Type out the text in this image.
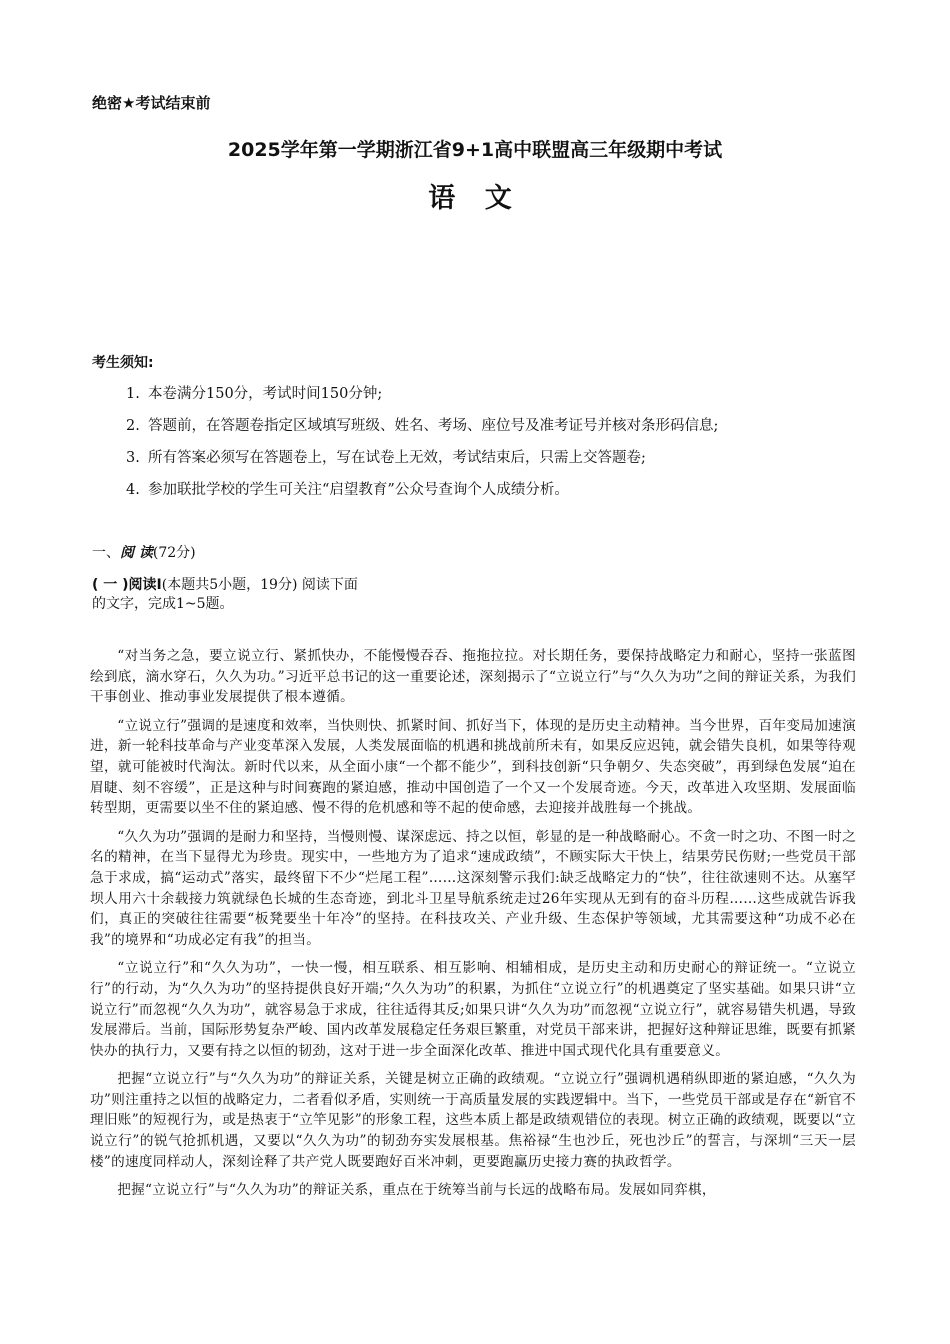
绝密★考试结束前
2025学年第一学期浙江省9+1高中联盟高三年级期中考试
语 文
考生须知:
1. 本卷满分150分，考试时间150分钟;
2. 答题前，在答题卷指定区域填写班级、姓名、考场、座位号及准考证号并核对条形码信息;
3. 所有答案必须写在答题卷上，写在试卷上无效，考试结束后，只需上交答题卷;
4. 参加联批学校的学生可关注“启望教育”公众号查询个人成绩分析。
一、阅 读(72分)
( 一 )阅读Ⅰ(本题共5小题，19分) 阅读下面的文字，完成1~5题。

“对当务之急，要立说立行、紧抓快办，不能慢慢吞吞、拖拖拉拉。对长期任务，要保持战略定力和耐心，坚持一张蓝图绘到底，滴水穿石，久久为功。”习近平总书记的这一重要论述，深刻揭示了“立说立行”与“久久为功”之间的辩证关系，为我们干事创业、推动事业发展提供了根本遵循。

“立说立行”强调的是速度和效率，当快则快、抓紧时间、抓好当下，体现的是历史主动精神。当今世界，百年变局加速演进，新一轮科技革命与产业变革深入发展，人类发展面临的机遇和挑战前所未有，如果反应迟钝，就会错失良机，如果等待观望，就可能被时代淘汰。新时代以来，从全面小康“一个都不能少”，到科技创新“只争朝夕、失态突破”，再到绿色发展“迫在眉睫、刻不容缓”，正是这种与时间赛跑的紧迫感，推动中国创造了一个又一个发展奇迹。今天，改革进入攻坚期、发展面临转型期，更需要以坐不住的紧迫感、慢不得的危机感和等不起的使命感，去迎接并战胜每一个挑战。

“久久为功”强调的是耐力和坚持，当慢则慢、谋深虑远、持之以恒，彰显的是一种战略耐心。不贪一时之功、不图一时之名的精神，在当下显得尤为珍贵。现实中，一些地方为了追求“速成政绩”，不顾实际大干快上，结果劳民伤财;一些党员干部急于求成，搞“运动式”落实，最终留下不少“烂尾工程”……这深刻警示我们:缺乏战略定力的“快”，往往欲速则不达。从塞罕坝人用六十余载接力筑就绿色长城的生态奇迹，到北斗卫星导航系统走过26年实现从无到有的奋斗历程……这些成就告诉我们，真正的突破往往需要“板凳要坐十年冷”的坚持。在科技攻关、产业升级、生态保护等领域，尤其需要这种“功成不必在我”的境界和“功成必定有我”的担当。

“立说立行”和“久久为功”，一快一慢，相互联系、相互影响、相辅相成，是历史主动和历史耐心的辩证统一。“立说立行”的行动，为“久久为功”的坚持提供良好开端;“久久为功”的积累，为抓住“立说立行”的机遇奠定了坚实基础。如果只讲“立说立行”而忽视“久久为功”，就容易急于求成，往往适得其反;如果只讲“久久为功”而忽视“立说立行”，就容易错失机遇，导致发展滞后。当前，国际形势复杂严峻、国内改革发展稳定任务艰巨繁重，对党员干部来讲，把握好这种辩证思维，既要有抓紧快办的执行力，又要有持之以恒的韧劲，这对于进一步全面深化改革、推进中国式现代化具有重要意义。

把握“立说立行”与“久久为功”的辩证关系，关键是树立正确的政绩观。“立说立行”强调机遇稍纵即逝的紧迫感，“久久为功”则注重持之以恒的战略定力，二者看似矛盾，实则统一于高质量发展的实践逻辑中。当下，一些党员干部或是存在“新官不理旧账”的短视行为，或是热衷于“立竿见影”的形象工程，这些本质上都是政绩观错位的表现。树立正确的政绩观，既要以“立说立行”的锐气抢抓机遇，又要以“久久为功”的韧劲夯实发展根基。焦裕禄“生也沙丘，死也沙丘”的誓言，与深圳“三天一层楼”的速度同样动人，深刻诠释了共产党人既要跑好百米冲刺，更要跑赢历史接力赛的执政哲学。

把握“立说立行”与“久久为功”的辩证关系，重点在于统筹当前与长远的战略布局。发展如同弈棋，
